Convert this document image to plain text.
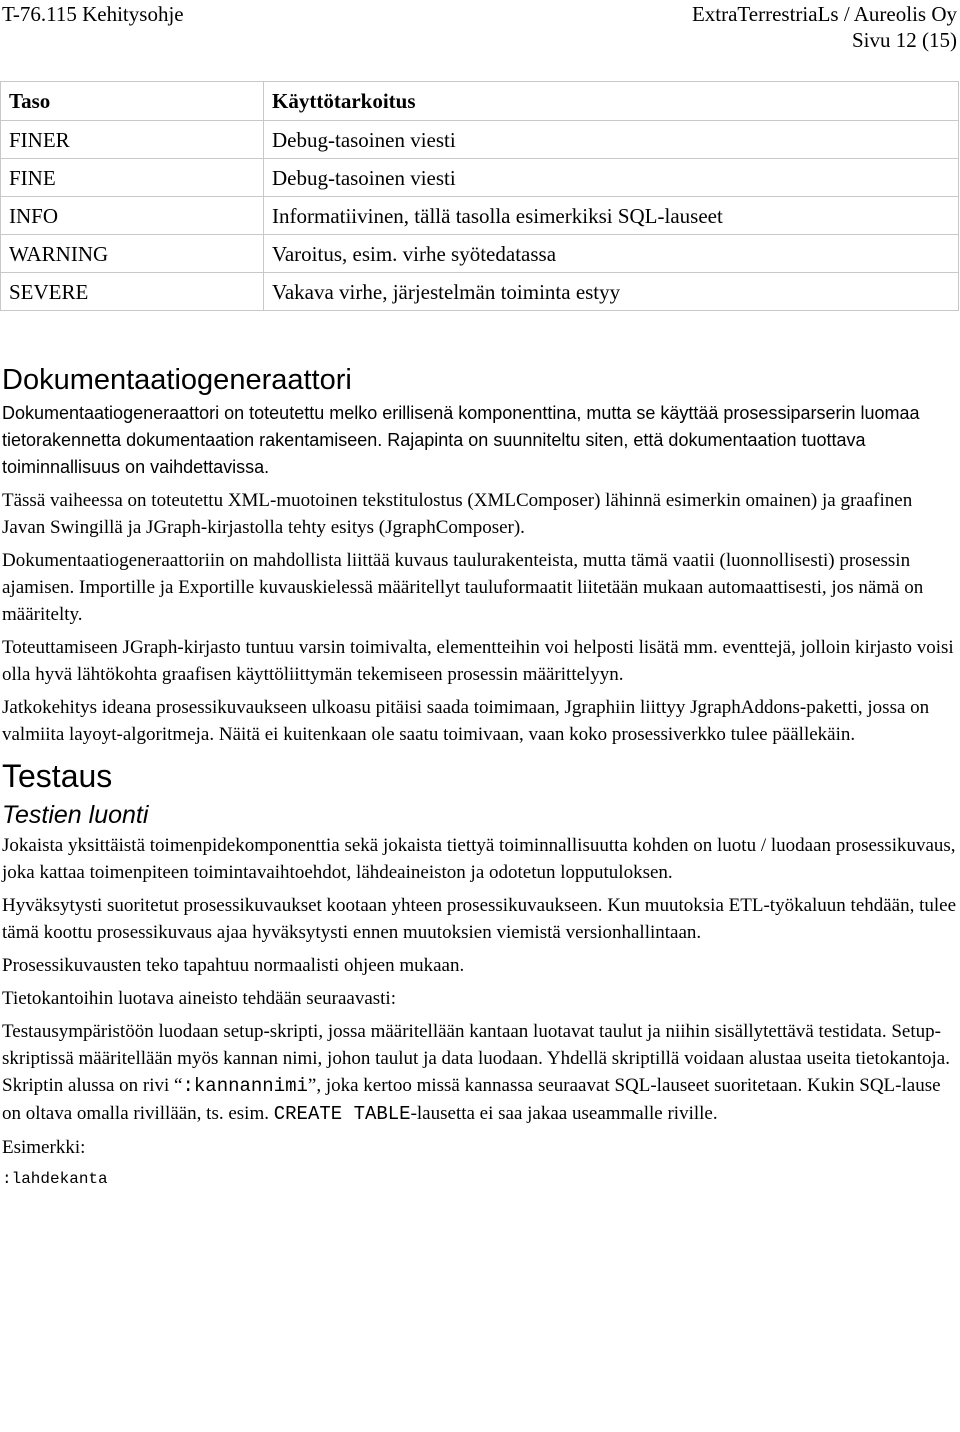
T-76.115 Kehitysohje	ExtraTerrestriaLs / Aureolis Oy
Sivu 12 (15)
Taso	Käyttötarkoitus
FINER	Debug-tasoinen viesti
FINE	Debug-tasoinen viesti
INFO	Informatiivinen, tällä tasolla esimerkiksi SQL-lauseet
WARNING	Varoitus, esim. virhe syötedatassa
SEVERE	Vakava virhe, järjestelmän toiminta estyy
Dokumentaatiogeneraattori

Dokumentaatiogeneraattori on toteutettu melko erillisenä komponenttina, mutta se käyttää prosessiparserin luomaa tietorakennetta dokumentaation rakentamiseen. Rajapinta on suunniteltu siten, että dokumentaation tuottava toiminnallisuus on vaihdettavissa.

Tässä vaiheessa on toteutettu XML-muotoinen tekstitulostus (XMLComposer) lähinnä esimerkin omainen) ja graafinen Javan Swingillä ja JGraph-kirjastolla tehty esitys (JgraphComposer).

Dokumentaatiogeneraattoriin on mahdollista liittää kuvaus taulurakenteista, mutta tämä vaatii (luonnollisesti) prosessin ajamisen. Importille ja Exportille kuvauskielessä määritellyt tauluformaatit liitetään mukaan automaattisesti, jos nämä on määritelty.

Toteuttamiseen JGraph-kirjasto tuntuu varsin toimivalta, elementteihin voi helposti lisätä mm. eventtejä, jolloin kirjasto voisi olla hyvä lähtökohta graafisen käyttöliittymän tekemiseen prosessin määrittelyyn.

Jatkokehitys ideana prosessikuvaukseen ulkoasu pitäisi saada toimimaan, Jgraphiin liittyy JgraphAddons-paketti, jossa on valmiita layoyt-algoritmeja. Näitä ei kuitenkaan ole saatu toimivaan, vaan koko prosessiverkko tulee päällekäin.

Testaus
Testien luonti

Jokaista yksittäistä toimenpidekomponenttia sekä jokaista tiettyä toiminnallisuutta kohden on luotu / luodaan prosessikuvaus, joka kattaa toimenpiteen toimintavaihtoehdot, lähdeaineiston ja odotetun lopputuloksen.

Hyväksytysti suoritetut prosessikuvaukset kootaan yhteen prosessikuvaukseen. Kun muutoksia ETL-työkaluun tehdään, tulee tämä koottu prosessikuvaus ajaa hyväksytysti ennen muutoksien viemistä versionhallintaan.

Prosessikuvausten teko tapahtuu normaalisti ohjeen mukaan.

Tietokantoihin luotava aineisto tehdään seuraavasti:

Testausympäristöön luodaan setup-skripti, jossa määritellään kantaan luotavat taulut ja niihin sisällytettävä testidata. Setup-skriptissä määritellään myös kannan nimi, johon taulut ja data luodaan. Yhdellä skriptillä voidaan alustaa useita tietokantoja. Skriptin alussa on rivi “:kannannimi”, joka kertoo missä kannassa seuraavat SQL-lauseet suoritetaan. Kukin SQL-lause on oltava omalla rivillään, ts. esim. CREATE TABLE-lausetta ei saa jakaa useammalle riville.

Esimerkki:

:lahdekanta
